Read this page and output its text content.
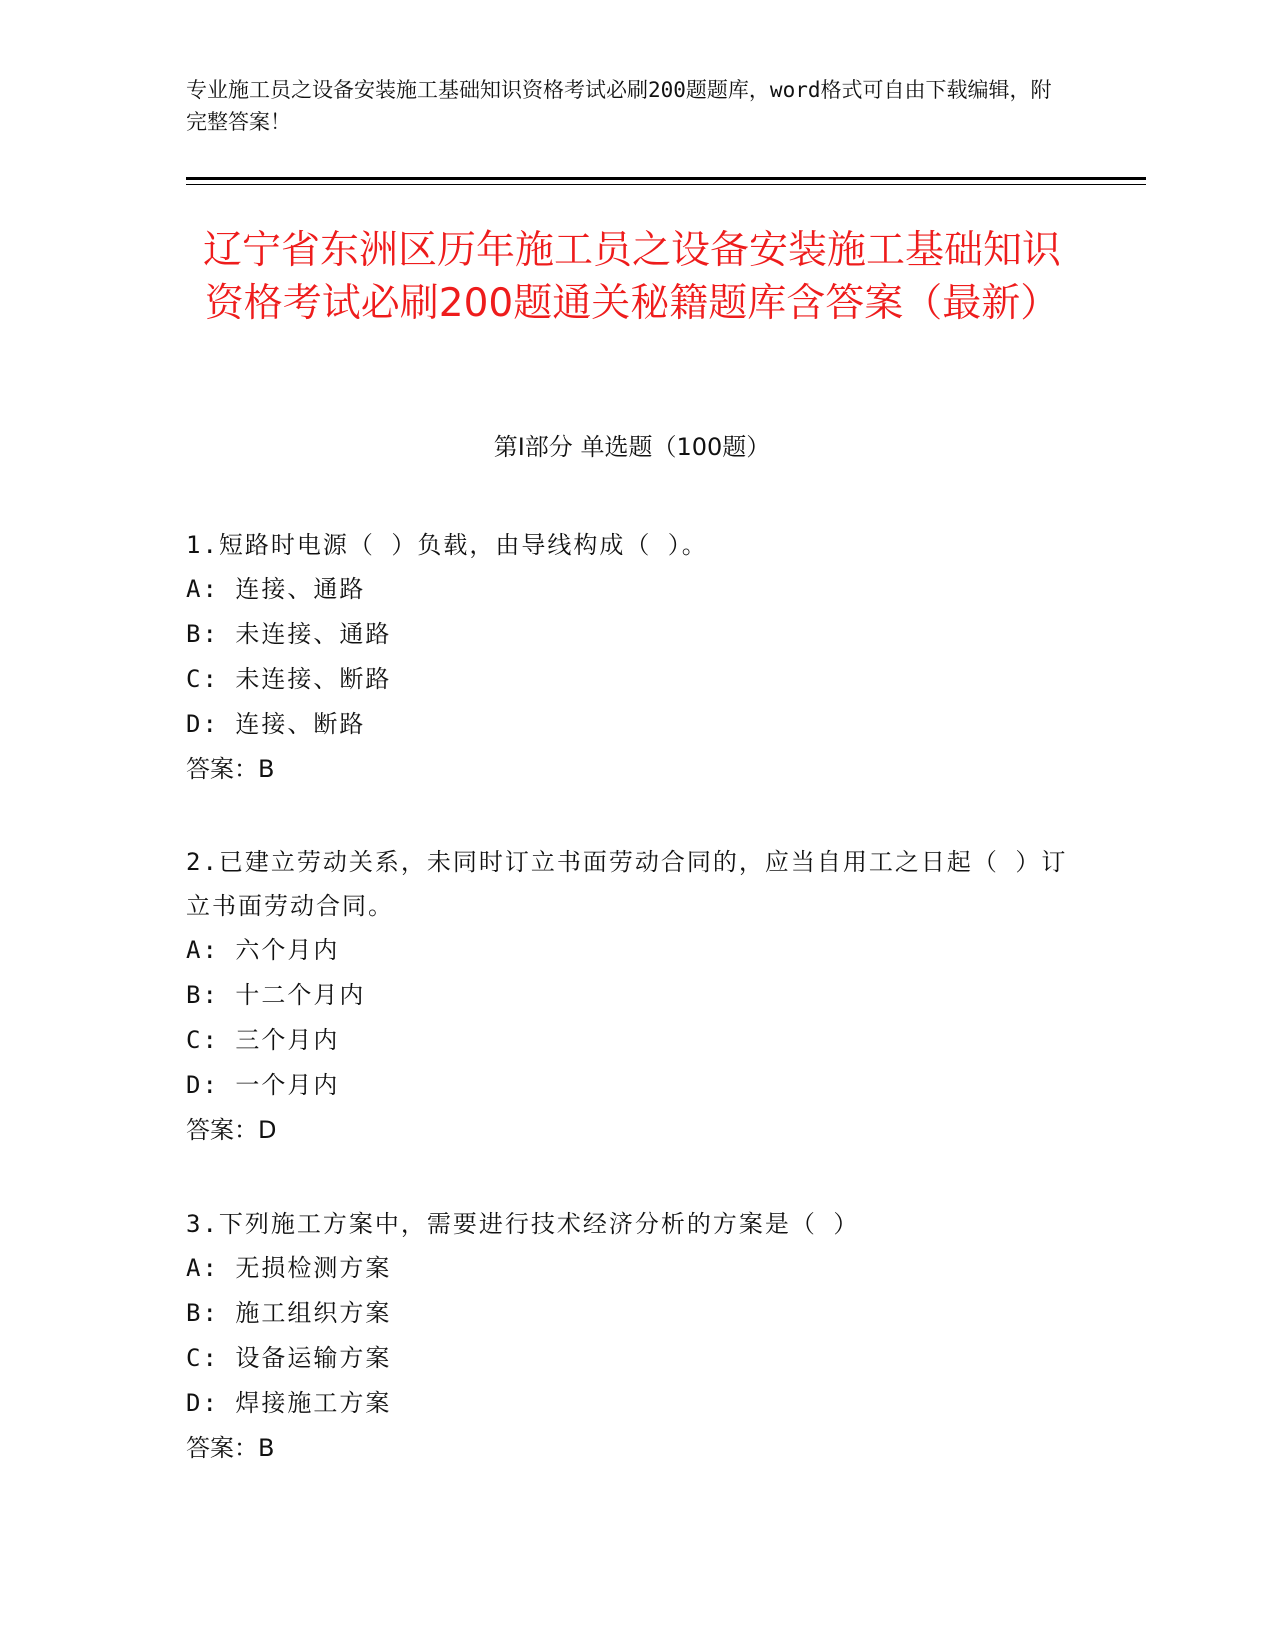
专业施工员之设备安装施工基础知识资格考试必刷200题题库，word格式可自由下载编辑，附完整答案！
辽宁省东洲区历年施工员之设备安装施工基础知识资格考试必刷200题通关秘籍题库含答案（最新）
第Ⅰ部分 单选题（100题）

1.短路时电源（ ）负载，由导线构成（ ）。

A: 连接、通路

B: 未连接、通路

C: 未连接、断路

D: 连接、断路

答案：B

2.已建立劳动关系，未同时订立书面劳动合同的，应当自用工之日起（ ）订立书面劳动合同。

A: 六个月内

B: 十二个月内

C: 三个月内

D: 一个月内

答案：D

3.下列施工方案中，需要进行技术经济分析的方案是（ ）

A: 无损检测方案

B: 施工组织方案

C: 设备运输方案

D: 焊接施工方案

答案：B
